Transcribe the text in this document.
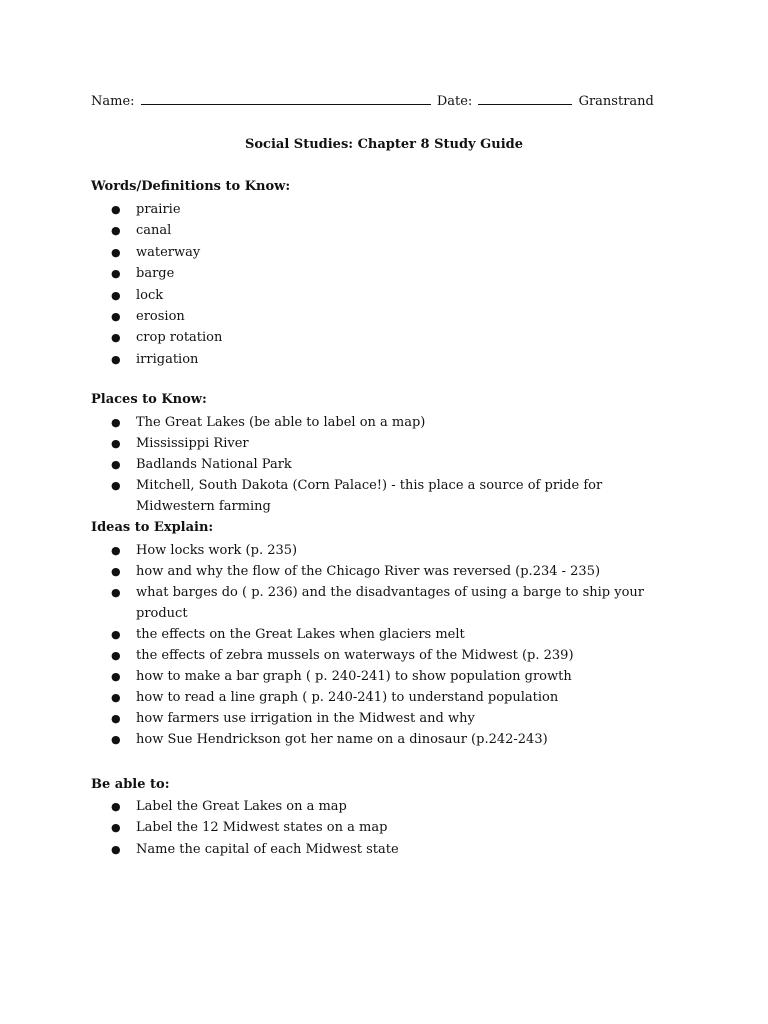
Name:	Date:	Granstrand
Social Studies: Chapter 8 Study Guide
Words/Definitions to Know:
● prairie
● canal
● waterway
● barge
● lock
● erosion
● crop rotation
● irrigation
Places to Know:
● The Great Lakes (be able to label on a map)
● Mississippi River
● Badlands National Park
● Mitchell, South Dakota (Corn Palace!) - this place a source of pride for Midwestern farming
Ideas to Explain:
● How locks work (p. 235)
● how and why the flow of the Chicago River was reversed (p.234 - 235)
● what barges do ( p. 236) and the disadvantages of using a barge to ship your product
● the effects on the Great Lakes when glaciers melt
● the effects of zebra mussels on waterways of the Midwest (p. 239)
● how to make a bar graph ( p. 240-241) to show population growth
● how to read a line graph ( p. 240-241) to understand population
● how farmers use irrigation in the Midwest and why
● how Sue Hendrickson got her name on a dinosaur (p.242-243)
Be able to:
● Label the Great Lakes on a map
● Label the 12 Midwest states on a map
● Name the capital of each Midwest state
